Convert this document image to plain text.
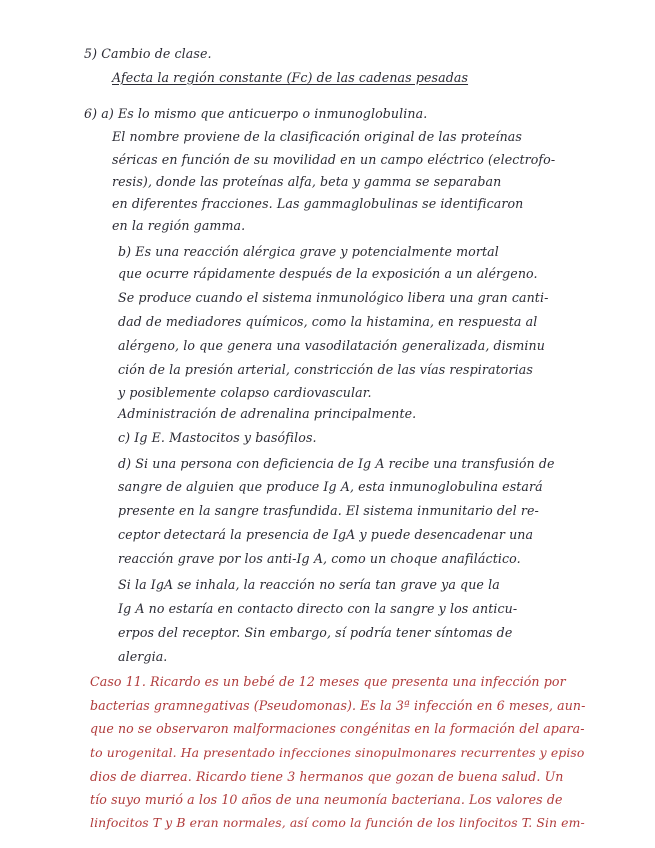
5) Cambio de clase.
Afecta la región constante (Fc) de las cadenas pesadas
6) a) Es lo mismo que anticuerpo o inmunoglobulina.
El nombre proviene de la clasificación original de las proteínas
séricas en función de su movilidad en un campo eléctrico (electrofo-
resis), donde las proteínas alfa, beta y gamma se separaban
en diferentes fracciones. Las gammaglobulinas se identificaron
en la región gamma.
b) Es una reacción alérgica grave y potencialmente mortal
que ocurre rápidamente después de la exposición a un alérgeno.
Se produce cuando el sistema inmunológico libera una gran canti-
dad de mediadores químicos, como la histamina, en respuesta al
alérgeno, lo que genera una vasodilatación generalizada, disminu
ción de la presión arterial, constricción de las vías respiratorias
y posiblemente colapso cardiovascular.
Administración de adrenalina principalmente.
c) Ig E. Mastocitos y basófilos.
d) Si una persona con deficiencia de Ig A recibe una transfusión de
sangre de alguien que produce Ig A, esta inmunoglobulina estará
presente en la sangre trasfundida. El sistema inmunitario del re-
ceptor detectará la presencia de IgA y puede desencadenar una
reacción grave por los anti-Ig A, como un choque anafiláctico.
Si la IgA se inhala, la reacción no sería tan grave ya que la
Ig A no estaría en contacto directo con la sangre y los anticu-
erpos del receptor. Sin embargo, sí podría tener síntomas de
alergia.
Caso 11. Ricardo es un bebé de 12 meses que presenta una infección por
bacterias gramnegativas (Pseudomonas). Es la 3ª infección en 6 meses, aun-
que no se observaron malformaciones congénitas en la formación del apara-
to urogenital. Ha presentado infecciones sinopulmonares recurrentes y episo
dios de diarrea. Ricardo tiene 3 hermanos que gozan de buena salud. Un
tío suyo murió a los 10 años de una neumonía bacteriana. Los valores de
linfocitos T y B eran normales, así como la función de los linfocitos T. Sin em-
